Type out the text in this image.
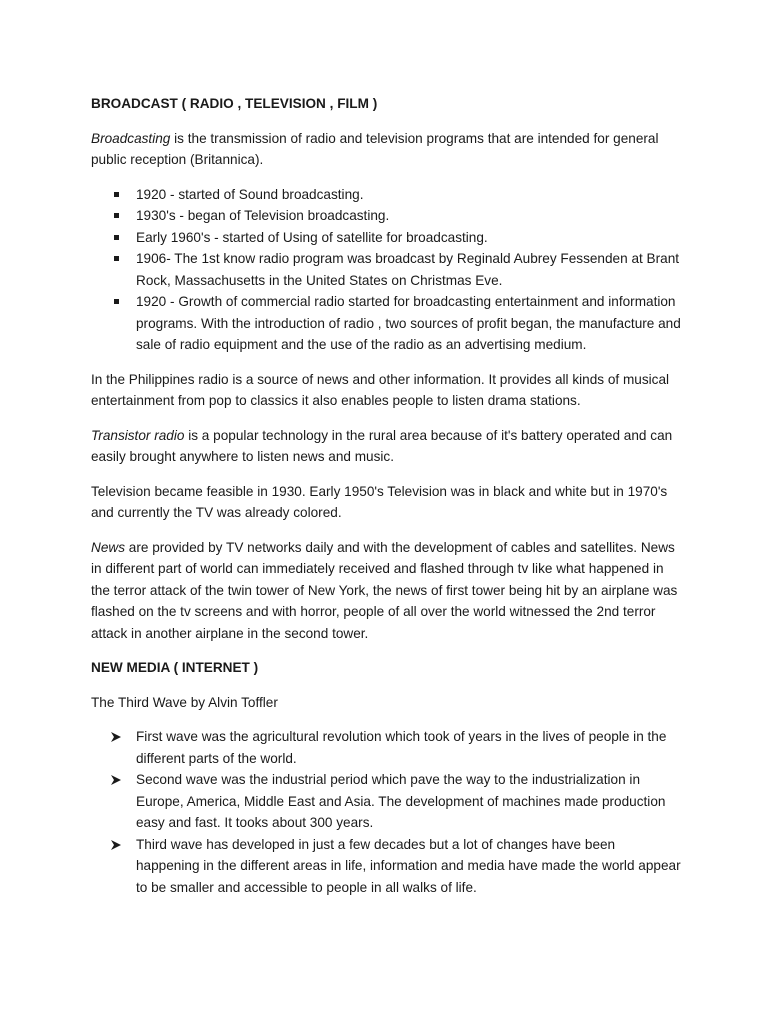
BROADCAST ( RADIO , TELEVISION , FILM )

Broadcasting is the transmission of radio and television programs that are intended for general public reception (Britannica).

1920 - started of Sound broadcasting.
1930's - began of Television broadcasting.
Early 1960's - started of Using of satellite for broadcasting.
1906- The 1st know radio program was broadcast by Reginald Aubrey Fessenden at Brant Rock, Massachusetts in the United States on Christmas Eve.
1920 - Growth of commercial radio started for broadcasting entertainment and information programs. With the introduction of radio , two sources of profit began, the manufacture and sale of radio equipment and the use of the radio as an advertising medium.

In the Philippines radio is a source of news and other information. It provides all kinds of musical entertainment from pop to classics it also enables people to listen drama stations.

Transistor radio is a popular technology in the rural area because of it's battery operated and can easily brought anywhere to listen news and music.

Television became feasible in 1930. Early 1950's Television was in black and white but in 1970's and currently the TV was already colored.

News are provided by TV networks daily and with the development of cables and satellites. News in different part of world can immediately received and flashed through tv like what happened in the terror attack of the twin tower of New York, the news of first tower being hit by an airplane was flashed on the tv screens and with horror, people of all over the world witnessed the 2nd terror attack in another airplane in the second tower.

NEW MEDIA ( INTERNET )

The Third Wave by Alvin Toffler

First wave was the agricultural revolution which took of years in the lives of people in the different parts of the world.
Second wave was the industrial period which pave the way to the industrialization in Europe, America, Middle East and Asia. The development of machines made production easy and fast. It tooks about 300 years.
Third wave has developed in just a few decades but a lot of changes have been happening in the different areas in life, information and media have made the world appear to be smaller and accessible to people in all walks of life.
